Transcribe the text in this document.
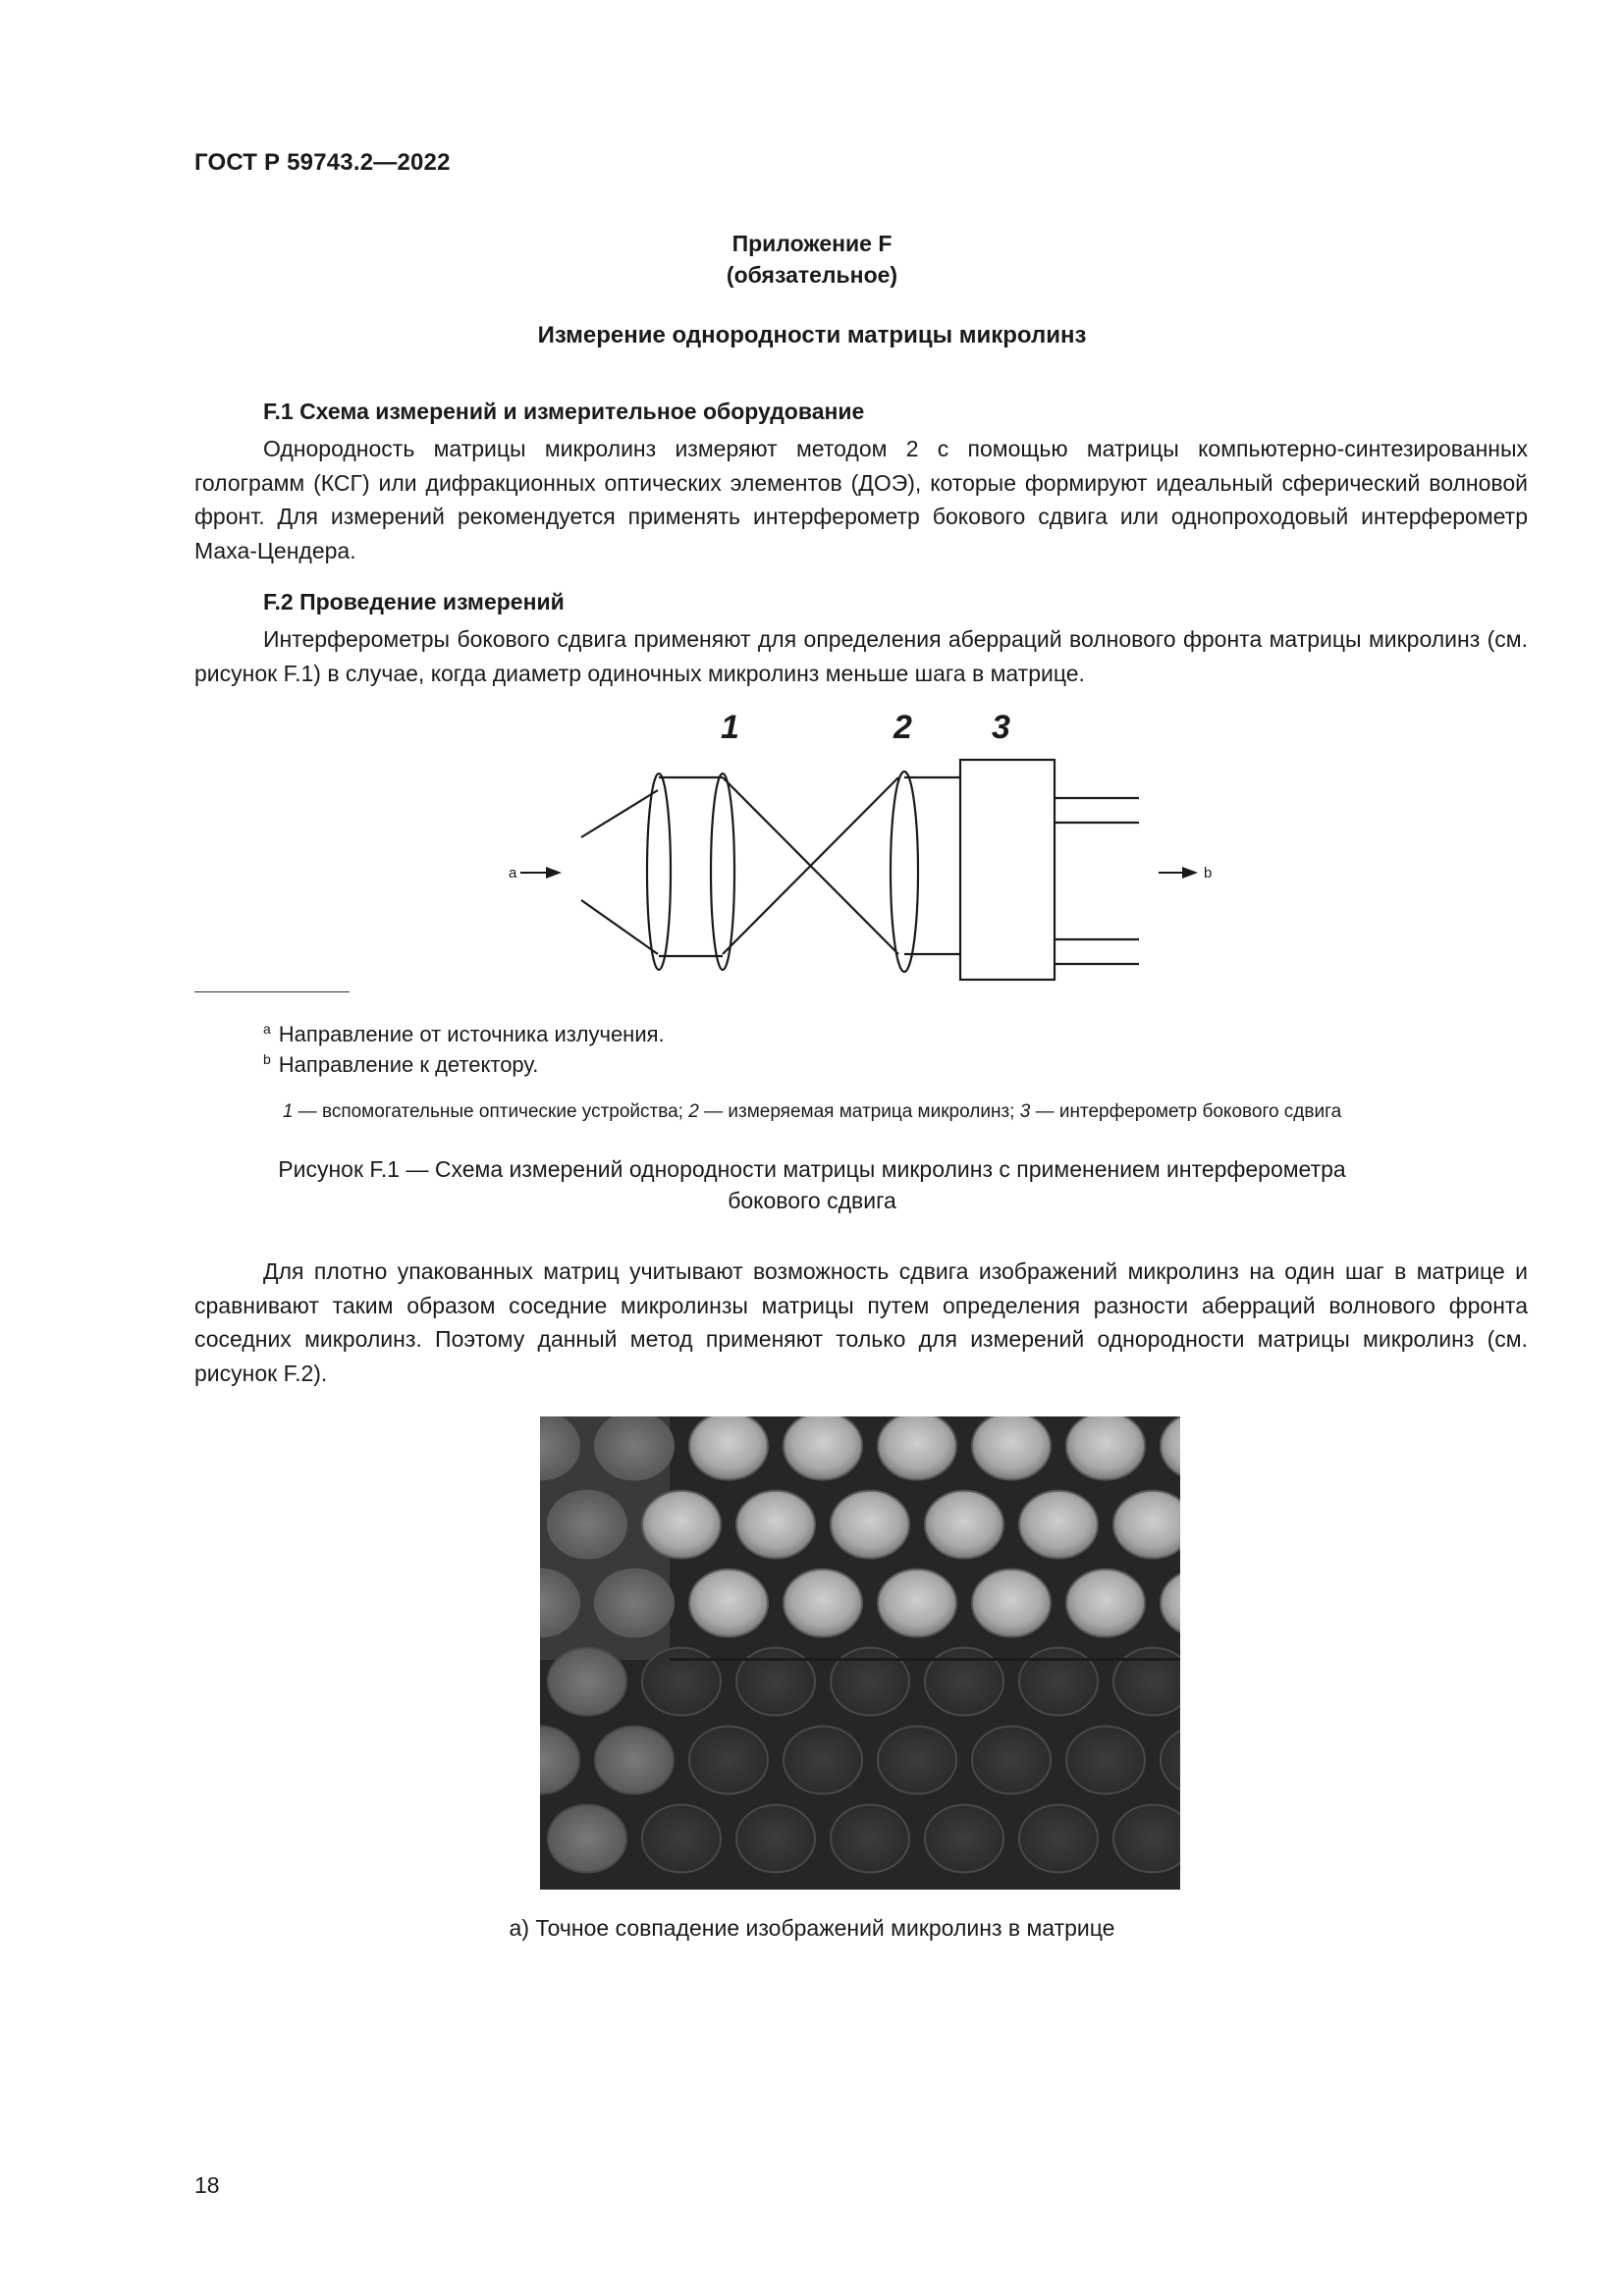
ГОСТ Р 59743.2—2022
Приложение F
(обязательное)
Измерение однородности матрицы микролинз
F.1 Схема измерений и измерительное оборудование
Однородность матрицы микролинз измеряют методом 2 с помощью матрицы компьютерно-синтезированных голограмм (КСГ) или дифракционных оптических элементов (ДОЭ), которые формируют идеальный сферический волновой фронт. Для измерений рекомендуется применять интерферометр бокового сдвига или однопроходовый интерферометр Маха-Цендера.
F.2 Проведение измерений
Интерферометры бокового сдвига применяют для определения аберраций волнового фронта матрицы микролинз (см. рисунок F.1) в случае, когда диаметр одиночных микролинз меньше шага в матрице.
a	b
1	2 3
$^a$ Направление от источника излучения.
$^b$ Направление к детектору.
1 — вспомогательные оптические устройства; 2 — измеряемая матрица микролинз; 3 — интерферометр бокового сдвига
Рисунок F.1 — Схема измерений однородности матрицы микролинз с применением интерферометра бокового сдвига
Для плотно упакованных матриц учитывают возможность сдвига изображений микролинз на один шаг в матрице и сравнивают таким образом соседние микролинзы матрицы путем определения разности аберраций волнового фронта соседних микролинз. Поэтому данный метод применяют только для измерений однородности матрицы микролинз (см. рисунок F.2).
а) Точное совпадение изображений микролинз в матрице
18
